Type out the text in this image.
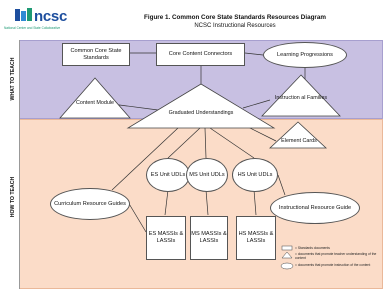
ncsc
National Center and State Collaborative
Figure 1. Common Core State Standards Resources Diagram
NCSC Instructional Resources
WHAT TO TEACH
HOW TO TEACH
Common Core State Standards
Core Content Connectors	Learning Progressions
Content Module
Instruction al Families
Graduated Understandings
Element Cards
ES Unit UDLs MS Unit UDLs	HS Unit UDLs
Curriculum Resource Guides
Instructional Resource Guide
ES MASSIs & LASSIs
MS MASSIs & LASSIs
HS MASSIs & LASSIs
= Standards documents
= documents that promote teacher understanding of the content
= documents that promote instruction of the content
